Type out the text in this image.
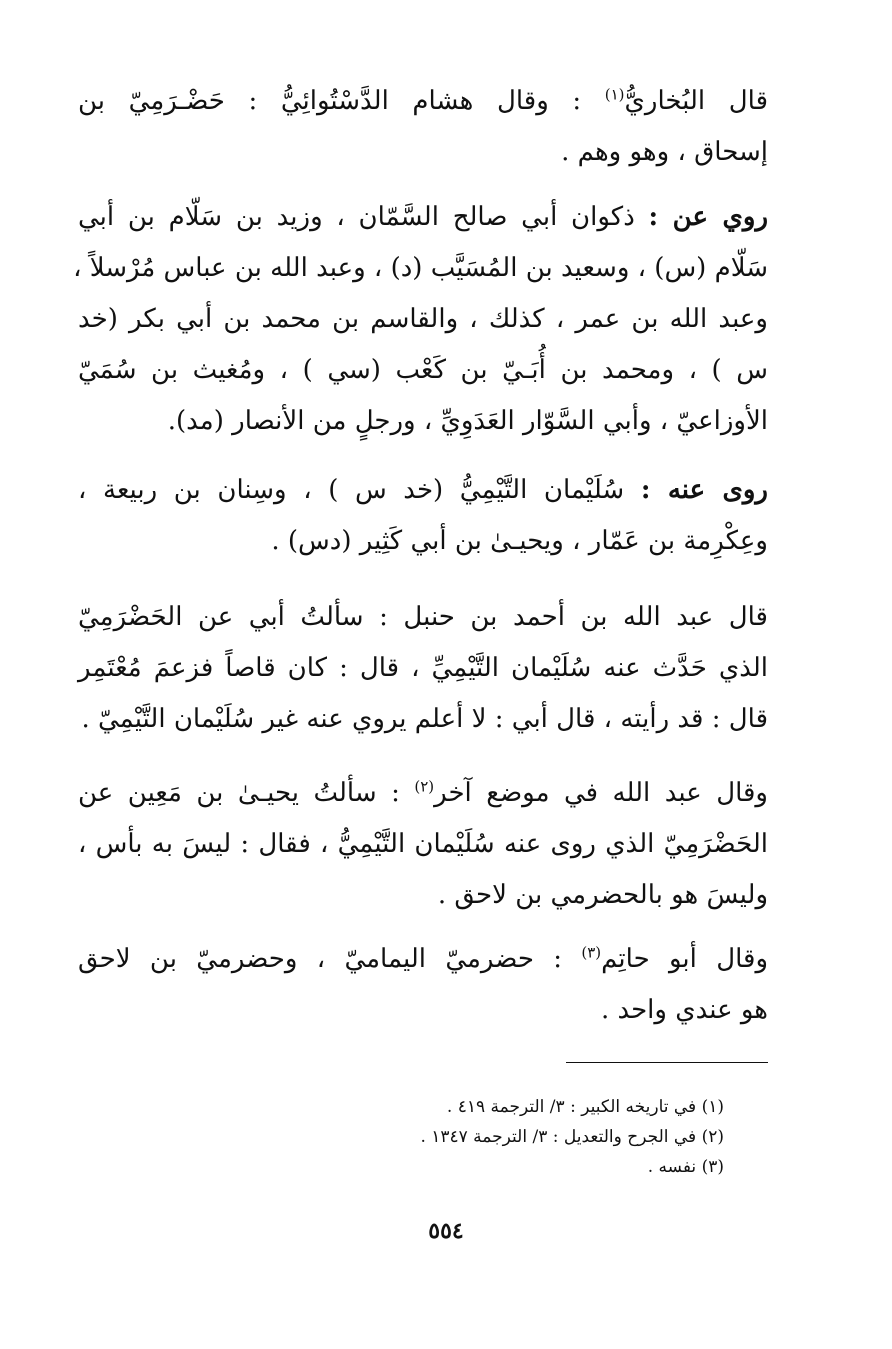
قال البُخاريُّ$^{(١)}$ : وقال هشام الدَّسْتُوائِيُّ : حَضْـرَمِيّ بن
إسحاق ، وهو وهم .

روي عن : ذكوان أبي صالح السَّمّان ، وزيد بن سَلّام بن أبي
سَلّام (س) ، وسعيد بن المُسَيَّب (د) ، وعبد الله بن عباس مُرْسلاً ،
وعبد الله بن عمر ، كذلك ، والقاسم بن محمد بن أبي بكر (خد
س ) ، ومحمد بن أُبَـيّ بن كَعْب (سي ) ، ومُغيث بن سُمَيّ
الأوزاعيّ ، وأبي السَّوّار العَدَوِيِّ ، ورجلٍ من الأنصار (مد).

روى عنه : سُلَيْمان التَّيْمِيُّ (خد س ) ، وسِنان بن ربيعة ،
وعِكْرِمة بن عَمّار ، ويحيـىٰ بن أبي كَثِير (دس) .

قال عبد الله بن أحمد بن حنبل : سألتُ أبي عن الحَضْرَمِيّ
الذي حَدَّث عنه سُلَيْمان التَّيْمِيِّ ، قال : كان قاصاً فزعمَ مُعْتَمِر
قال : قد رأيته ، قال أبي : لا أعلم يروي عنه غير سُلَيْمان التَّيْمِيّ .

وقال عبد الله في موضع آخر$^{(٢)}$ : سألتُ يحيـىٰ بن مَعِين عن
الحَضْرَمِيّ الذي روى عنه سُلَيْمان التَّيْمِيُّ ، فقال : ليسَ به بأس ،
وليسَ هو بالحضرمي بن لاحق .

وقال أبو حاتِم$^{(٣)}$ : حضرميّ اليماميّ ، وحضرميّ بن لاحق
هو عندي واحد .

(١) في تاريخه الكبير : ٣/ الترجمة ٤١٩ .
(٢) في الجرح والتعديل : ٣/ الترجمة ١٣٤٧ .
(٣) نفسه .
٥٥٤
